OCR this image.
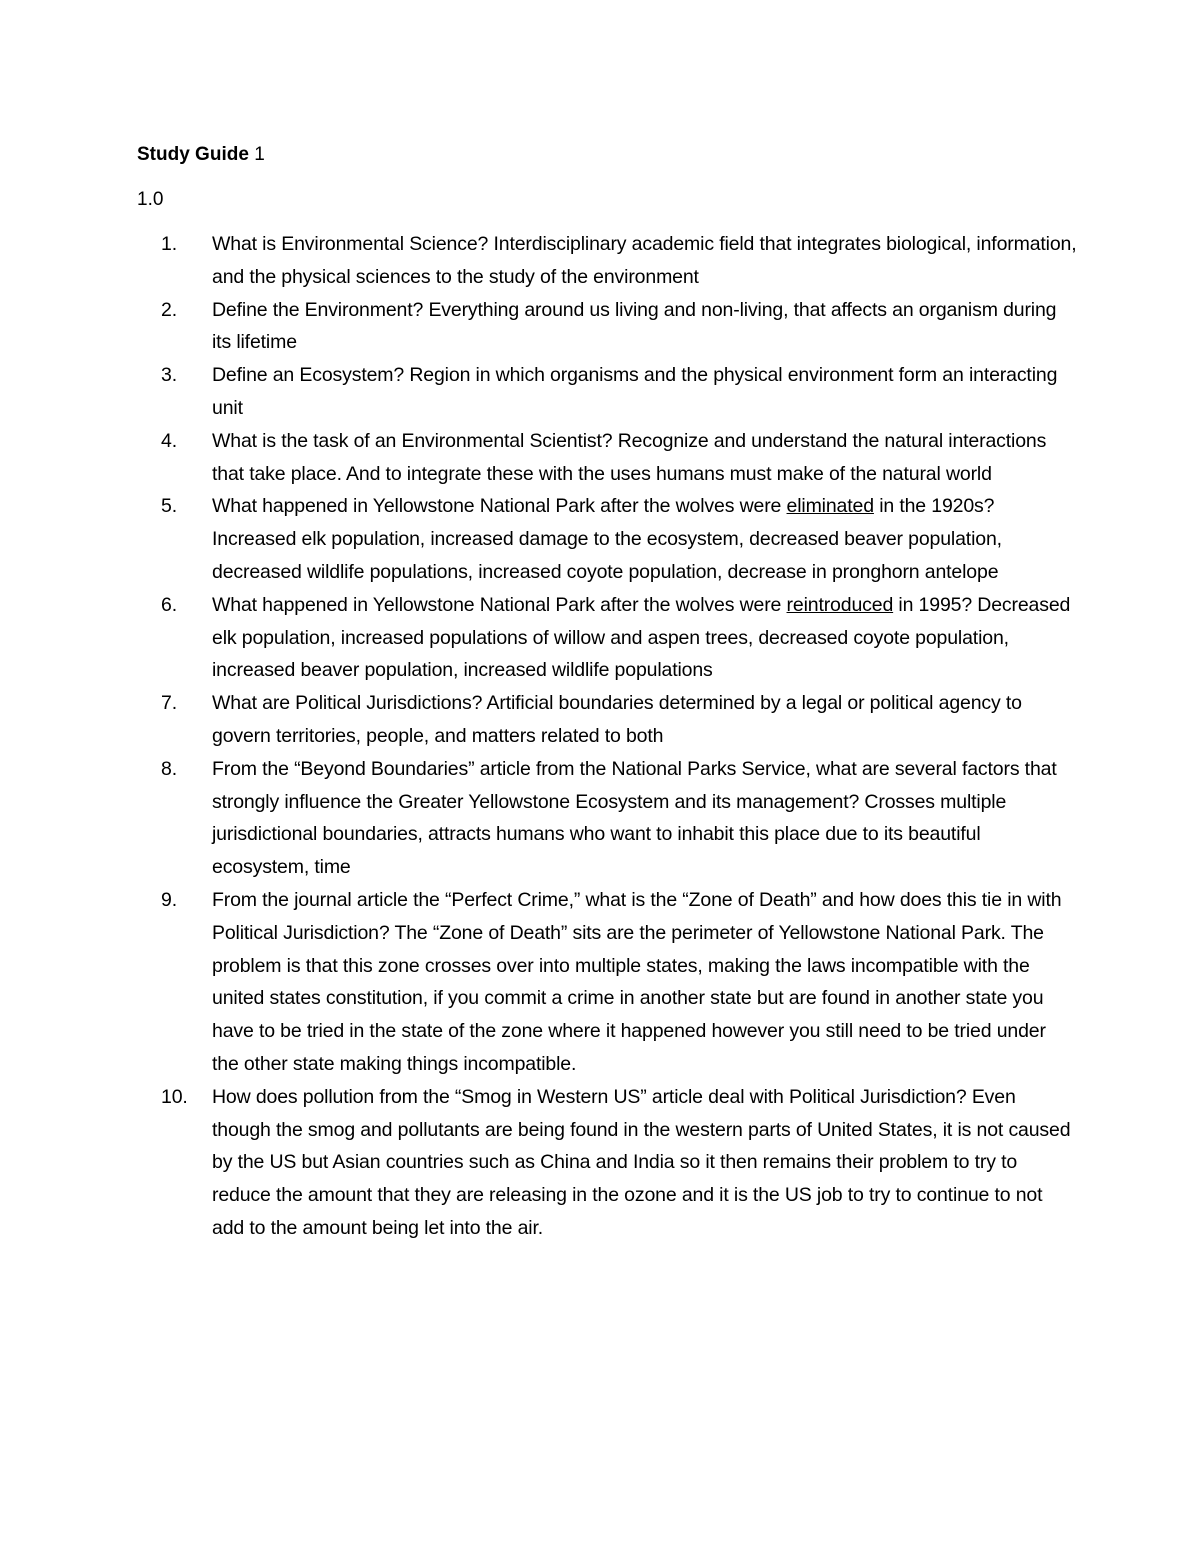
Study Guide 1

1.0

1. What is Environmental Science? Interdisciplinary academic field that integrates biological, information, and the physical sciences to the study of the environment
2. Define the Environment? Everything around us living and non-living, that affects an organism during its lifetime
3. Define an Ecosystem? Region in which organisms and the physical environment form an interacting unit
4. What is the task of an Environmental Scientist? Recognize and understand the natural interactions that take place. And to integrate these with the uses humans must make of the natural world
5. What happened in Yellowstone National Park after the wolves were eliminated in the 1920s? Increased elk population, increased damage to the ecosystem, decreased beaver population, decreased wildlife populations, increased coyote population, decrease in pronghorn antelope
6. What happened in Yellowstone National Park after the wolves were reintroduced in 1995? Decreased elk population, increased populations of willow and aspen trees, decreased coyote population, increased beaver population, increased wildlife populations
7. What are Political Jurisdictions? Artificial boundaries determined by a legal or political agency to govern territories, people, and matters related to both
8. From the “Beyond Boundaries” article from the National Parks Service, what are several factors that strongly influence the Greater Yellowstone Ecosystem and its management? Crosses multiple jurisdictional boundaries, attracts humans who want to inhabit this place due to its beautiful ecosystem, time
9. From the journal article the “Perfect Crime,” what is the “Zone of Death” and how does this tie in with Political Jurisdiction? The “Zone of Death” sits are the perimeter of Yellowstone National Park. The problem is that this zone crosses over into multiple states, making the laws incompatible with the united states constitution, if you commit a crime in another state but are found in another state you have to be tried in the state of the zone where it happened however you still need to be tried under the other state making things incompatible.
10. How does pollution from the “Smog in Western US” article deal with Political Jurisdiction? Even though the smog and pollutants are being found in the western parts of United States, it is not caused by the US but Asian countries such as China and India so it then remains their problem to try to reduce the amount that they are releasing in the ozone and it is the US job to try to continue to not add to the amount being let into the air.
